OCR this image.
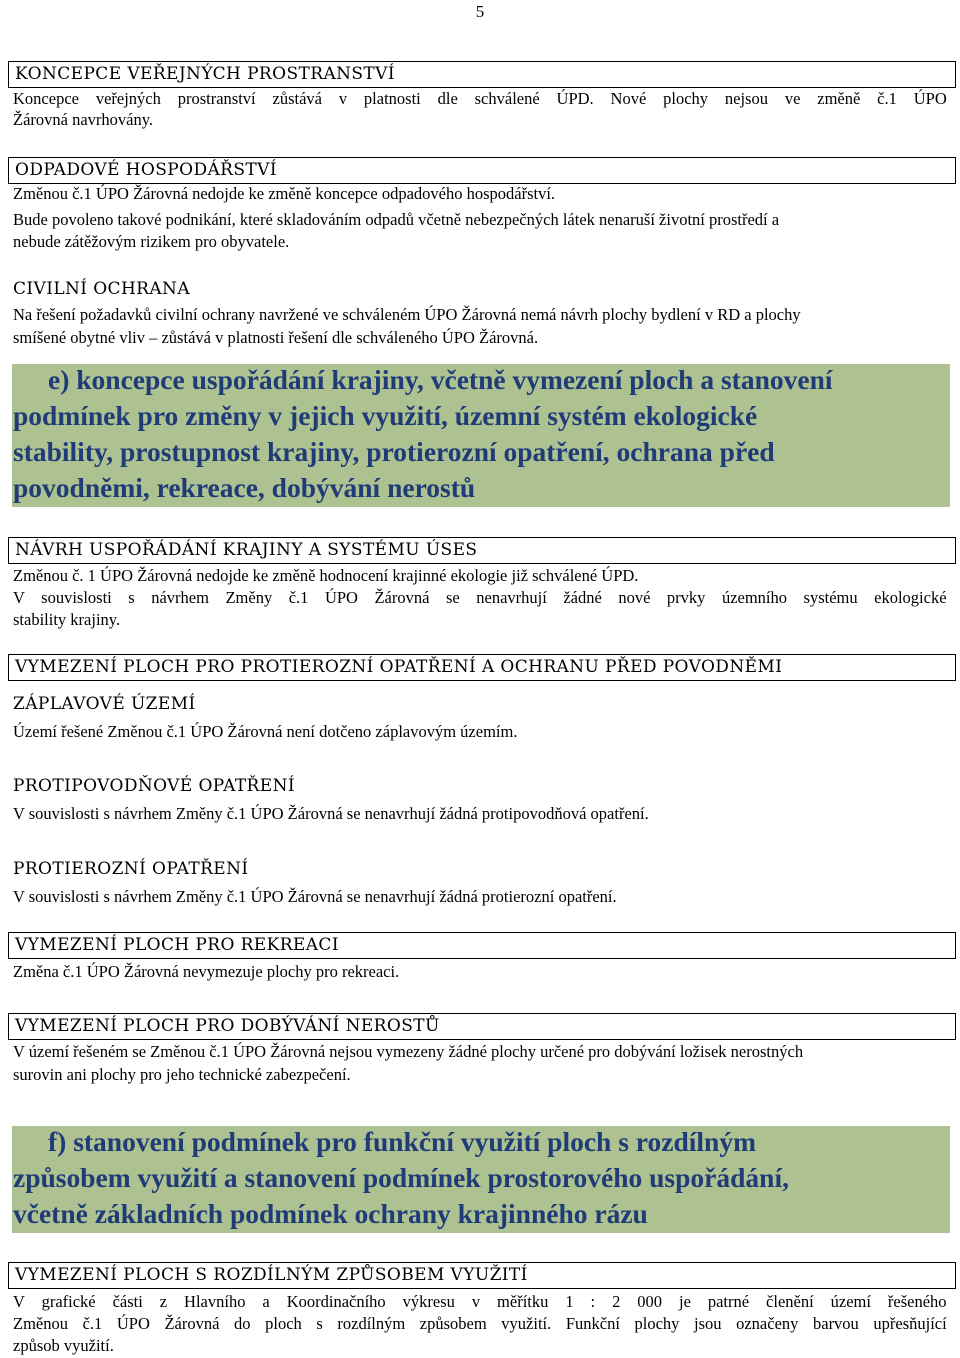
5
KONCEPCE VEŘEJNÝCH PROSTRANSTVÍ
Koncepce veřejných prostranství zůstává v platnosti dle schválené ÚPD. Nové plochy nejsou ve změně č.1 ÚPO
Žárovná navrhovány.
ODPADOVÉ HOSPODÁŘSTVÍ
Změnou č.1 ÚPO Žárovná nedojde ke změně koncepce odpadového hospodářství.
Bude povoleno takové podnikání, které skladováním odpadů včetně nebezpečných látek nenaruší životní prostředí a
nebude zátěžovým rizikem pro obyvatele.
CIVILNÍ OCHRANA
Na řešení požadavků civilní ochrany navržené ve schváleném ÚPO Žárovná nemá návrh plochy bydlení v RD a plochy
smíšené obytné vliv – zůstává v platnosti řešení dle schváleného ÚPO Žárovná.
e) koncepce uspořádání krajiny, včetně vymezení ploch a stanovení
podmínek pro změny v jejich využití, územní systém ekologické
stability, prostupnost krajiny, protierozní opatření, ochrana před
povodněmi, rekreace, dobývání nerostů
NÁVRH USPOŘÁDÁNÍ KRAJINY A SYSTÉMU ÚSES
Změnou č. 1 ÚPO Žárovná nedojde ke změně hodnocení krajinné ekologie již schválené ÚPD.
V souvislosti s návrhem Změny č.1 ÚPO Žárovná se nenavrhují žádné nové prvky územního systému ekologické
stability krajiny.
VYMEZENÍ PLOCH PRO PROTIEROZNÍ OPATŘENÍ A OCHRANU PŘED POVODNĚMI
ZÁPLAVOVÉ ÚZEMÍ
Území řešené Změnou č.1 ÚPO Žárovná není dotčeno záplavovým územím.
PROTIPOVODŇOVÉ OPATŘENÍ
V souvislosti s návrhem Změny č.1 ÚPO Žárovná se nenavrhují žádná protipovodňová opatření.
PROTIEROZNÍ OPATŘENÍ
V souvislosti s návrhem Změny č.1 ÚPO Žárovná se nenavrhují žádná protierozní opatření.
VYMEZENÍ PLOCH PRO REKREACI
Změna č.1 ÚPO Žárovná nevymezuje plochy pro rekreaci.
VYMEZENÍ PLOCH PRO DOBÝVÁNÍ NEROSTŮ
V území řešeném se Změnou č.1 ÚPO Žárovná nejsou vymezeny žádné plochy určené pro dobývání ložisek nerostných
surovin ani plochy pro jeho technické zabezpečení.
f) stanovení podmínek pro funkční využití ploch s rozdílným
způsobem využití a stanovení podmínek prostorového uspořádání,
včetně základních podmínek ochrany krajinného rázu
VYMEZENÍ PLOCH S ROZDÍLNÝM ZPŮSOBEM VYUŽITÍ
V grafické části z Hlavního a Koordinačního výkresu v měřítku 1 : 2 000 je patrné členění území řešeného
Změnou č.1 ÚPO Žárovná do ploch s rozdílným způsobem využití. Funkční plochy jsou označeny barvou upřesňující
způsob využití.
